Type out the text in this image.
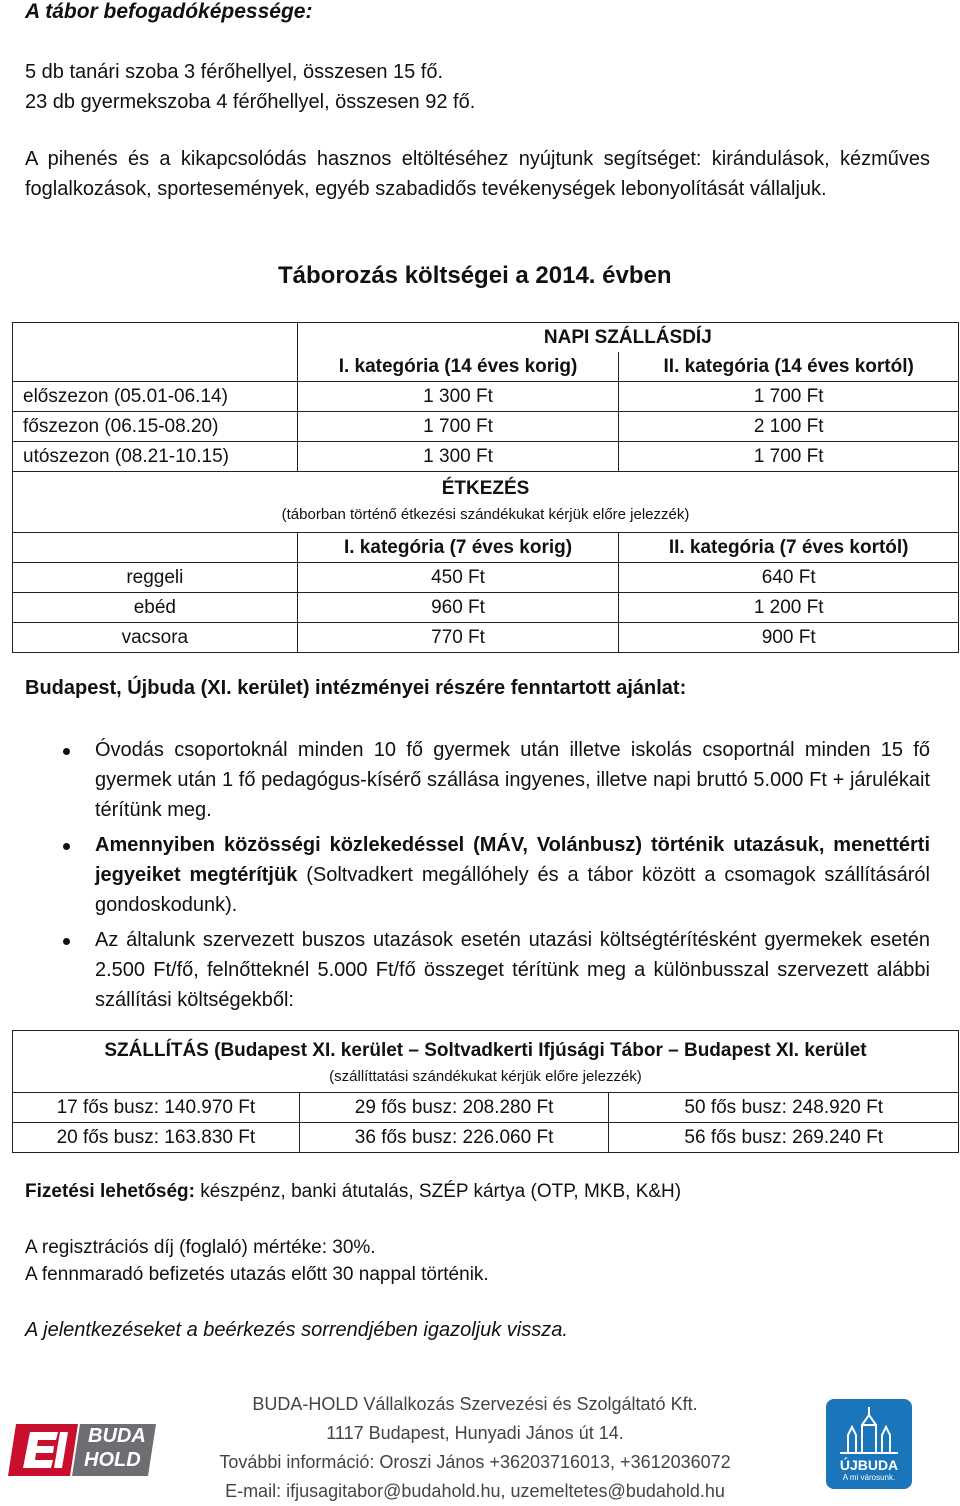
A tábor befogadóképessége:
5 db tanári szoba 3 férőhellyel, összesen 15 fő.
23 db gyermekszoba 4 férőhellyel, összesen 92 fő.
A pihenés és a kikapcsolódás hasznos eltöltéséhez nyújtunk segítséget: kirándulások, kézműves foglalkozások, sportesemények, egyéb szabadidős tevékenységek lebonyolítását vállaljuk.
Táborozás költségei a 2014. évben
	NAPI SZÁLLÁSDÍJ	
	I. kategória (14 éves korig)	II. kategória (14 éves kortól)
előszezon (05.01-06.14)	1 300 Ft	1 700 Ft
főszezon (06.15-08.20)	1 700 Ft	2 100 Ft
utószezon (08.21-10.15)	1 300 Ft	1 700 Ft

ÉTKEZÉS
(táborban történő étkezési szándékukat kérjük előre jelezzék)		

	I. kategória (7 éves korig)	II. kategória (7 éves kortól)
reggeli	450 Ft	640 Ft
ebéd	960 Ft	1 200 Ft
vacsora	770 Ft	900 Ft
Budapest, Újbuda (XI. kerület) intézményei részére fenntartott ajánlat:
Óvodás csoportoknál minden 10 fő gyermek után illetve iskolás csoportnál minden 15 fő gyermek után 1 fő pedagógus-kísérő szállása ingyenes, illetve napi bruttó 5.000 Ft + járulékait térítünk meg.
Amennyiben közösségi közlekedéssel (MÁV, Volánbusz) történik utazásuk, menettérti jegyeiket megtérítjük (Soltvadkert megállóhely és a tábor között a csomagok szállításáról gondoskodunk).
Az általunk szervezett buszos utazások esetén utazási költségtérítésként gyermekek esetén 2.500 Ft/fő, felnőtteknél 5.000 Ft/fő összeget térítünk meg a különbusszal szervezett alábbi szállítási költségekből:
SZÁLLÍTÁS (Budapest XI. kerület – Soltvadkerti Ifjúsági Tábor – Budapest XI. kerület
(szállíttatási szándékukat kérjük előre jelezzék)		

17 fős busz: 140.970 Ft	29 fős busz: 208.280 Ft	50 fős busz: 248.920 Ft
20 fős busz: 163.830 Ft	36 fős busz: 226.060 Ft	56 fős busz: 269.240 Ft
Fizetési lehetőség: készpénz, banki átutalás, SZÉP kártya (OTP, MKB, K&H)
A regisztrációs díj (foglaló) mértéke: 30%.
A fennmaradó befizetés utazás előtt 30 nappal történik.
A jelentkezéseket a beérkezés sorrendjében igazoljuk vissza.
BUDA
HOLD
BUDA-HOLD Vállalkozás Szervezési és Szolgáltató Kft.
1117 Budapest, Hunyadi János út 14.
További információ: Oroszi János +36203716013, +3612036072
E-mail: ifjusagitabor@budahold.hu, uzemeltetes@budahold.hu
ÚJBUDA
A mi városunk.
